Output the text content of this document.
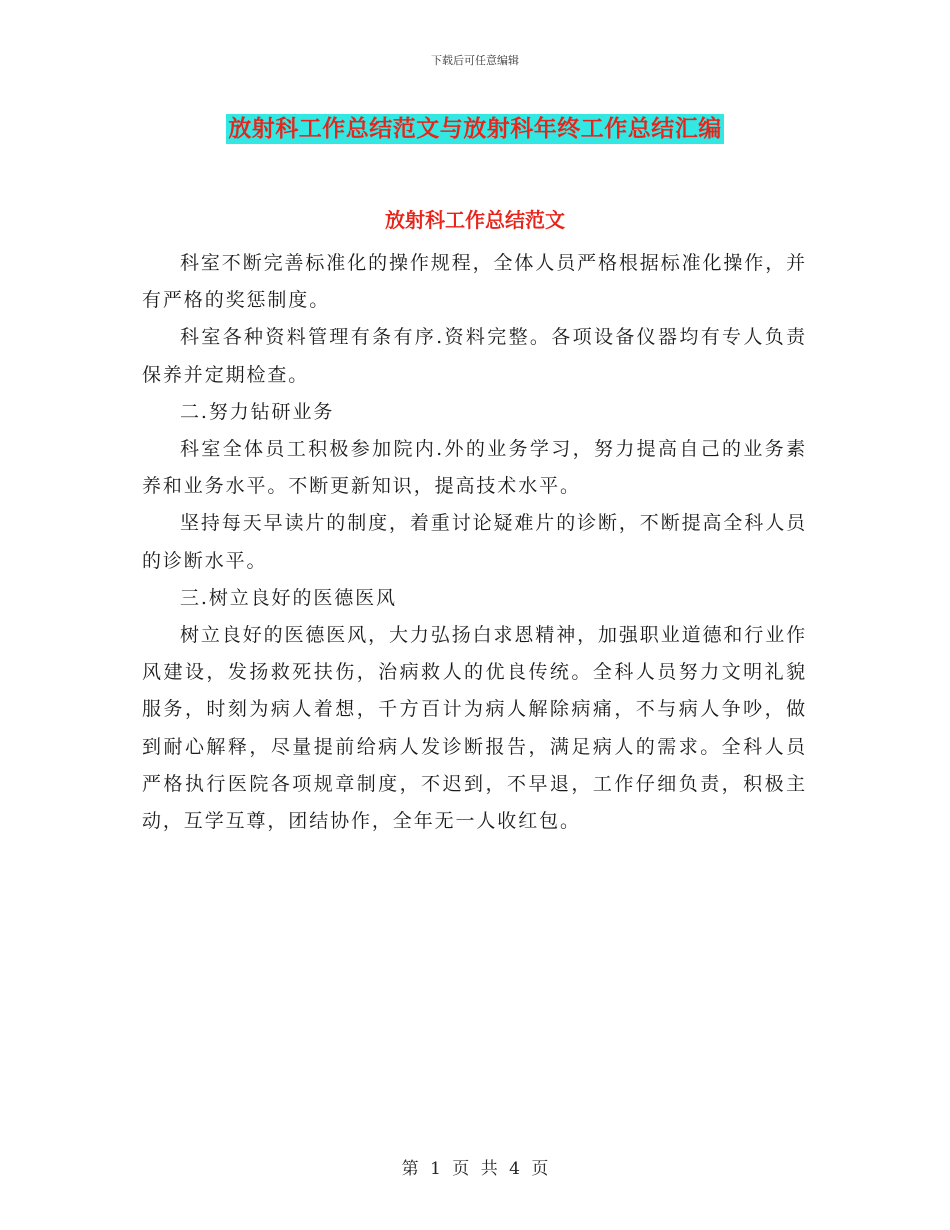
下载后可任意编辑
放射科工作总结范文与放射科年终工作总结汇编
放射科工作总结范文

科室不断完善标准化的操作规程，全体人员严格根据标准化操作，并有严格的奖惩制度。

科室各种资料管理有条有序.资料完整。各项设备仪器均有专人负责保养并定期检查。

二.努力钻研业务

科室全体员工积极参加院内.外的业务学习，努力提高自己的业务素养和业务水平。不断更新知识，提高技术水平。

坚持每天早读片的制度，着重讨论疑难片的诊断，不断提高全科人员的诊断水平。

三.树立良好的医德医风

树立良好的医德医风，大力弘扬白求恩精神，加强职业道德和行业作风建设，发扬救死扶伤，治病救人的优良传统。全科人员努力文明礼貌服务，时刻为病人着想，千方百计为病人解除病痛，不与病人争吵，做到耐心解释，尽量提前给病人发诊断报告，满足病人的需求。全科人员严格执行医院各项规章制度，不迟到，不早退，工作仔细负责，积极主动，互学互尊，团结协作，全年无一人收红包。

第 1 页 共 4 页
